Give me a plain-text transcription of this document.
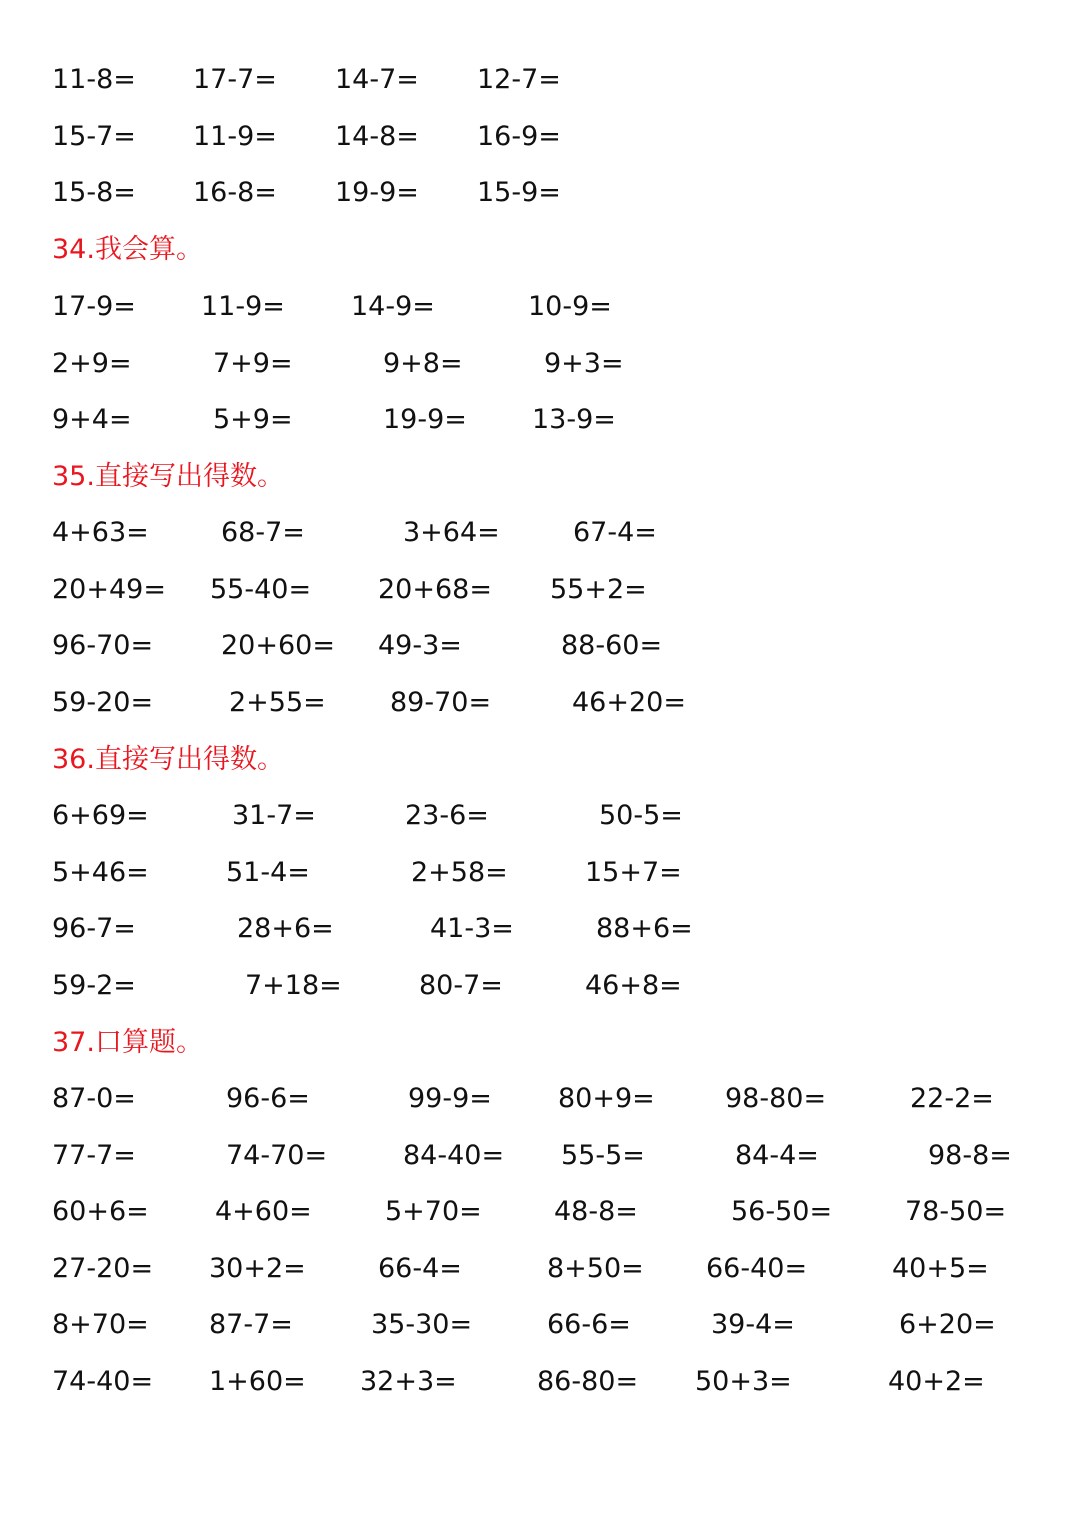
11-8= 17-7= 14-7= 12-7=
15-7= 11-9= 14-8= 16-9=
15-8= 16-8= 19-9= 15-9=
34.我会算。
17-9= 11-9= 14-9=	10-9=
2+9=	7+9=	9+8=	9+3=
9+4=	5+9=	19-9= 13-9=
35.直接写出得数。
4+63=	68-7=	3+64=	67-4=
20+49= 55-40= 20+68= 55+2=
96-70=	20+60= 49-3=	88-60=
59-20=	2+55= 89-70=	46+20=
36.直接写出得数。
6+69=	31-7=	23-6=	50-5=
5+46=	51-4=	2+58=	15+7=
96-7=	28+6=	41-3=	88+6=
59-2=	7+18=	80-7=	46+8=
37.口算题。
87-0=	96-6=	99-9= 80+9=	98-80=	22-2=
77-7=	74-70=	84-40= 55-5=	84-4=	98-8=
60+6= 4+60=	5+70=	48-8=	56-50=	78-50=
27-20= 30+2=	66-4=	8+50= 66-40=	40+5=
8+70= 87-7=	35-30=	66-6=	39-4=	6+20=
74-40= 1+60= 32+3=	86-80= 50+3=	40+2=
